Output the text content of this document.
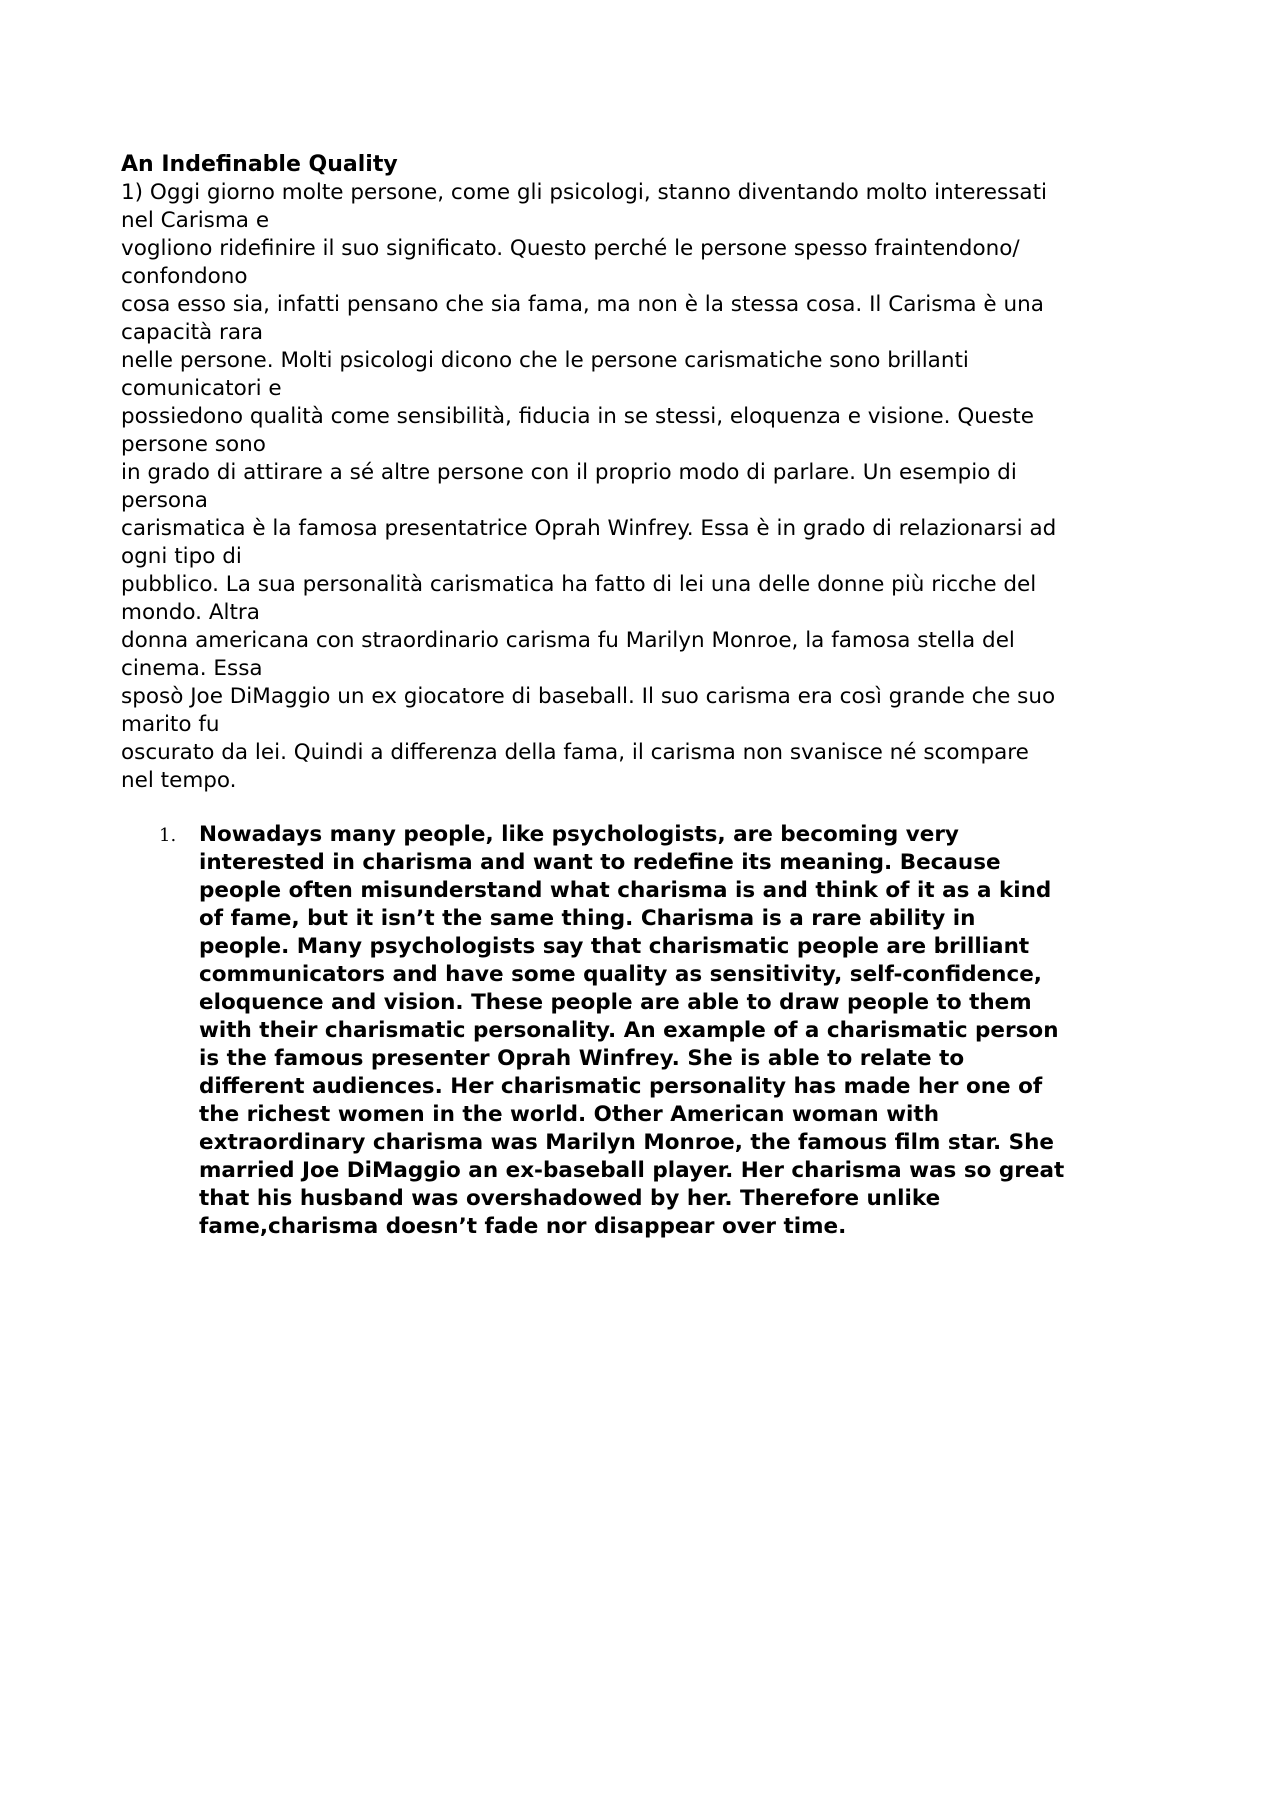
An Indefinable Quality

1) Oggi giorno molte persone, come gli psicologi, stanno diventando molto interessati

nel Carisma e

vogliono ridefinire il suo significato. Questo perché le persone spesso fraintendono/

confondono

cosa esso sia, infatti pensano che sia fama, ma non è la stessa cosa. Il Carisma è una

capacità rara

nelle persone. Molti psicologi dicono che le persone carismatiche sono brillanti

comunicatori e

possiedono qualità come sensibilità, fiducia in se stessi, eloquenza e visione. Queste

persone sono

in grado di attirare a sé altre persone con il proprio modo di parlare. Un esempio di

persona

carismatica è la famosa presentatrice Oprah Winfrey. Essa è in grado di relazionarsi ad

ogni tipo di

pubblico. La sua personalità carismatica ha fatto di lei una delle donne più ricche del

mondo. Altra

donna americana con straordinario carisma fu Marilyn Monroe, la famosa stella del

cinema. Essa

sposò Joe DiMaggio un ex giocatore di baseball. Il suo carisma era così grande che suo

marito fu

oscurato da lei. Quindi a differenza della fama, il carisma non svanisce né scompare

nel tempo.

1. Nowadays many people, like psychologists, are becoming very

interested in charisma and want to redefine its meaning. Because

people often misunderstand what charisma is and think of it as a kind

of fame, but it isn’t the same thing. Charisma is a rare ability in

people. Many psychologists say that charismatic people are brilliant

communicators and have some quality as sensitivity, self-confidence,

eloquence and vision. These people are able to draw people to them

with their charismatic personality. An example of a charismatic person

is the famous presenter Oprah Winfrey. She is able to relate to

different audiences. Her charismatic personality has made her one of

the richest women in the world. Other American woman with

extraordinary charisma was Marilyn Monroe, the famous film star. She

married Joe DiMaggio an ex-baseball player. Her charisma was so great

that his husband was overshadowed by her. Therefore unlike

fame,charisma doesn’t fade nor disappear over time.
